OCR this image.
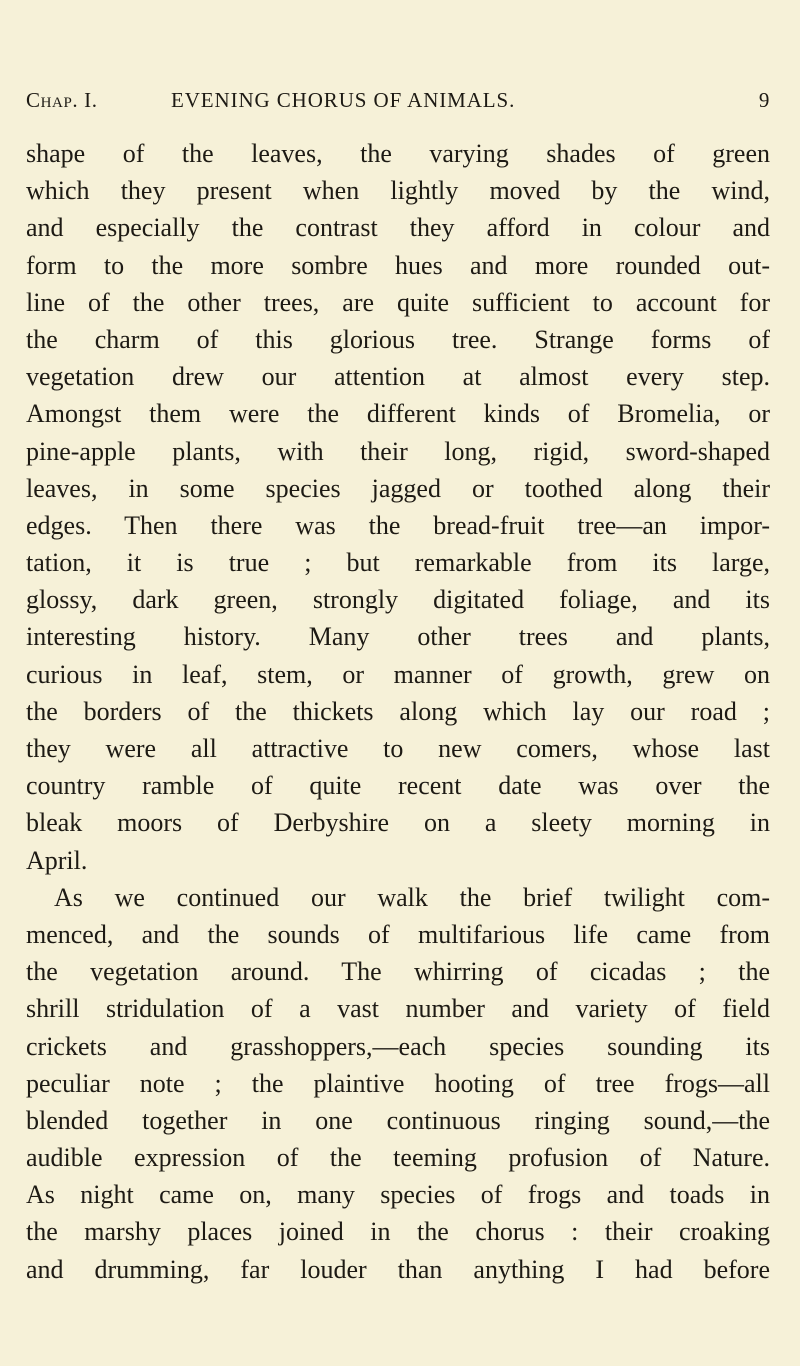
Chap. I.	EVENING CHORUS OF ANIMALS.	9
shape of the leaves, the varying shades of green
which they present when lightly moved by the wind,
and especially the contrast they afford in colour and
form to the more sombre hues and more rounded out-
line of the other trees, are quite sufficient to account for
the charm of this glorious tree. Strange forms of
vegetation drew our attention at almost every step.
Amongst them were the different kinds of Bromelia, or
pine-apple plants, with their long, rigid, sword-shaped
leaves, in some species jagged or toothed along their
edges. Then there was the bread-fruit tree—an impor-
tation, it is true ; but remarkable from its large,
glossy, dark green, strongly digitated foliage, and its
interesting history. Many other trees and plants,
curious in leaf, stem, or manner of growth, grew on
the borders of the thickets along which lay our road ;
they were all attractive to new comers, whose last
country ramble of quite recent date was over the
bleak moors of Derbyshire on a sleety morning in
April.
As we continued our walk the brief twilight com-
menced, and the sounds of multifarious life came from
the vegetation around. The whirring of cicadas ; the
shrill stridulation of a vast number and variety of field
crickets and grasshoppers,—each species sounding its
peculiar note ; the plaintive hooting of tree frogs—all
blended together in one continuous ringing sound,—the
audible expression of the teeming profusion of Nature.
As night came on, many species of frogs and toads in
the marshy places joined in the chorus : their croaking
and drumming, far louder than anything I had before
